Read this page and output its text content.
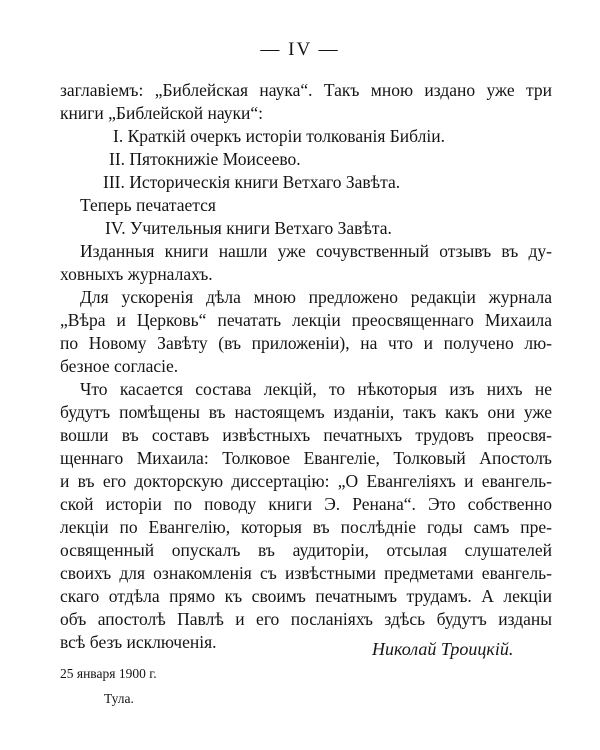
— IV —
заглавіемъ: „Библейская наука“. Такъ мною издано уже три
книги „Библейской науки“:
I. Краткій очеркъ исторіи толкованія Библіи.
II. Пятокнижіе Моисеево.
III. Историческія книги Ветхаго Завѣта.
Теперь печатается
IV. Учительныя книги Ветхаго Завѣта.
Изданныя книги нашли уже сочувственный отзывъ въ ду-
ховныхъ журналахъ.
Для ускоренія дѣла мною предложено редакціи журнала
„Вѣра и Церковь“ печатать лекціи преосвященнаго Михаила
по Новому Завѣту (въ приложеніи), на что и получено лю-
безное согласіе.
Что касается состава лекцій, то нѣкоторыя изъ нихъ не
будутъ помѣщены въ настоящемъ изданіи, такъ какъ они уже
вошли въ составъ извѣстныхъ печатныхъ трудовъ преосвя-
щеннаго Михаила: Толковое Евангеліе, Толковый Апостолъ
и въ его докторскую диссертацію: „О Евангеліяхъ и евангель-
ской исторіи по поводу книги Э. Ренана“. Это собственно
лекціи по Евангелію, которыя въ послѣдніе годы самъ пре-
освященный опускалъ въ аудиторіи, отсылая слушателей
своихъ для ознакомленія съ извѣстными предметами евангель-
скаго отдѣла прямо къ своимъ печатнымъ трудамъ. А лекціи
объ апостолѣ Павлѣ и его посланіяхъ здѣсь будутъ изданы
всѣ безъ исключенія.	Николай Троицкій.
25 января 1900 г.
Тула.
